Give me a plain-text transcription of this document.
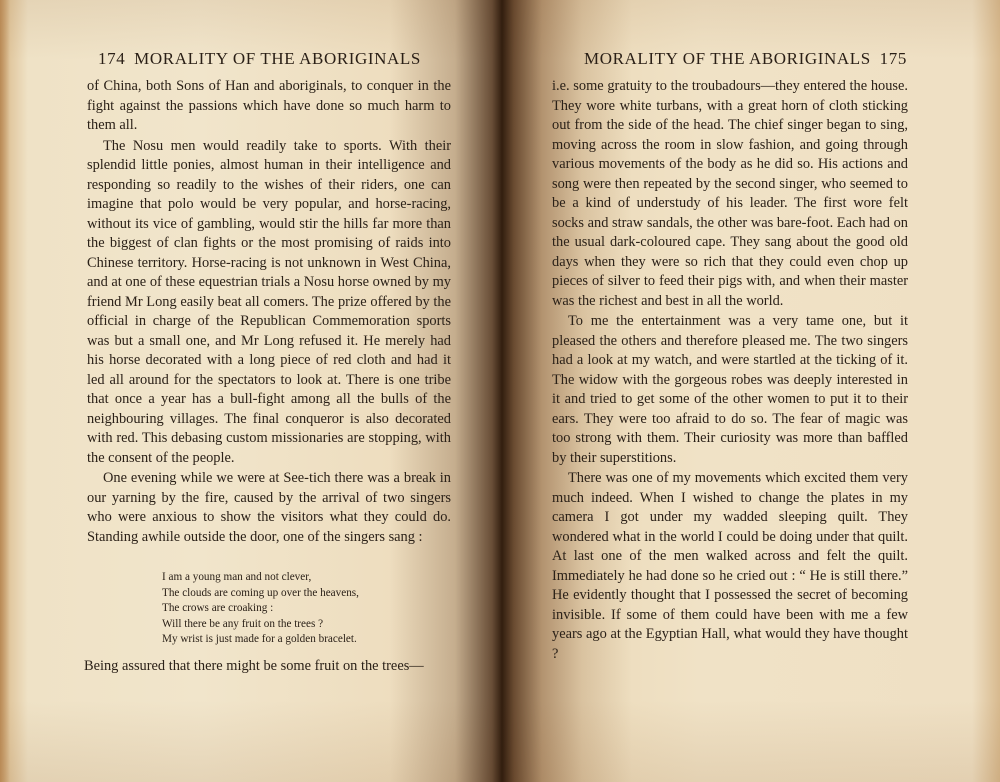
174 MORALITY OF THE ABORIGINALS

of China, both Sons of Han and aboriginals, to conquer in the fight against the passions which have done so much harm to them all.

The Nosu men would readily take to sports. With their splendid little ponies, almost human in their intelligence and responding so readily to the wishes of their riders, one can imagine that polo would be very popular, and horse-racing, without its vice of gambling, would stir the hills far more than the biggest of clan fights or the most promising of raids into Chinese territory. Horse-racing is not unknown in West China, and at one of these equestrian trials a Nosu horse owned by my friend Mr Long easily beat all comers. The prize offered by the official in charge of the Republican Commemoration sports was but a small one, and Mr Long refused it. He merely had his horse decorated with a long piece of red cloth and had it led all around for the spectators to look at. There is one tribe that once a year has a bull-fight among all the bulls of the neighbouring villages. The final conqueror is also decorated with red. This debasing custom missionaries are stopping, with the consent of the people.

One evening while we were at See-tich there was a break in our yarning by the fire, caused by the arrival of two singers who were anxious to show the visitors what they could do. Standing awhile outside the door, one of the singers sang :

I am a young man and not clever,
The clouds are coming up over the heavens,
The crows are croaking :
Will there be any fruit on the trees ?
My wrist is just made for a golden bracelet.
Being assured that there might be some fruit on the trees—
MORALITY OF THE ABORIGINALS 175

i.e. some gratuity to the troubadours—they entered the house. They wore white turbans, with a great horn of cloth sticking out from the side of the head. The chief singer began to sing, moving across the room in slow fashion, and going through various movements of the body as he did so. His actions and song were then repeated by the second singer, who seemed to be a kind of understudy of his leader. The first wore felt socks and straw sandals, the other was bare-foot. Each had on the usual dark-coloured cape. They sang about the good old days when they were so rich that they could even chop up pieces of silver to feed their pigs with, and when their master was the richest and best in all the world.

To me the entertainment was a very tame one, but it pleased the others and therefore pleased me. The two singers had a look at my watch, and were startled at the ticking of it. The widow with the gorgeous robes was deeply interested in it and tried to get some of the other women to put it to their ears. They were too afraid to do so. The fear of magic was too strong with them. Their curiosity was more than baffled by their superstitions.

There was one of my movements which excited them very much indeed. When I wished to change the plates in my camera I got under my wadded sleeping quilt. They wondered what in the world I could be doing under that quilt. At last one of the men walked across and felt the quilt. Immediately he had done so he cried out : “ He is still there.” He evidently thought that I possessed the secret of becoming invisible. If some of them could have been with me a few years ago at the Egyptian Hall, what would they have thought ?
